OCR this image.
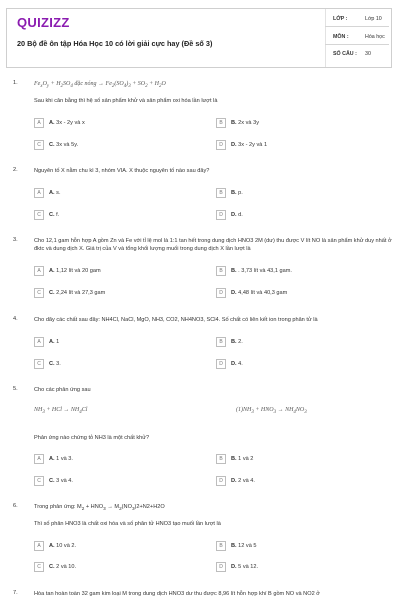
QUIZIZZ
20 Bộ đề ôn tập Hóa Học 10 có lời giải cực hay (Đề số 3)
LỚP :	Lớp 10
MÔN :	Hóa học
SỐ CÂU : 30
1.	$Fe_xO_y + H_2SO_4$ đặc nóng → $Fe_2(SO_4)_3 + SO_2 + H_2O$
Sau khi cân bằng thì hệ số sản phẩm khử và sản phẩm oxi hóa lần lượt là
A	A. 3x - 2y và x	B	B. 2x và 3y
C	C. 3x và 5y.	D	D. 3x - 2y và 1
2.	Nguyên tố X nằm chu kì 3, nhóm VIA. X thuộc nguyên tố nào sau đây?
A	A. s.	B	B. p.
C	C. f.	D	D. d.
3.	Cho 12,1 gam hỗn hợp A gồm Zn và Fe với tỉ lệ mol là 1:1 tan hết trong dung dịch HNO3 2M (dư) thu được V lít NO là sản phẩm khử duy nhất ở đktc và dung dịch X. Giá trị của V và tổng khối lượng muối trong dung dịch X lần lượt là
A	A. 1,12 lít và 20 gam	B	B. . 3,73 lít và 43,1 gam.
C	C. 2,24 lít và 27,3 gam	D	D. 4,48 lít và 40,3 gam
4.	Cho dãy các chất sau đây: NH4Cl, NaCl, MgO, NH3, CO2, NH4NO3, SCl4. Số chất có liên kết ion trong phân tử là
A	A. 1	B	B. 2.
C	C. 3.	D	D. 4.
5.	Cho các phản ứng sau
$NH_3$ + HCl → $NH_4Cl$	$(1)NH_3 + HNO_3 \to NH_4NO_3$
Phản ứng nào chứng tỏ NH3 là một chất khử?
A	A. 1 và 3.	B	B. 1 và 2
C	C. 3 và 4.	D	D. 2 và 4.
6.	Trong phản ứng: $M_2 + HNO_3 \to M_2(NO_3)2+N2+H2O$
Thì số phân HNO3 là chất oxi hóa và số phân tử HNO3 tạo muối lần lượt là
A	A. 10 và 2.	B	B. 12 và 5
C	C. 2 và 10.	D	D. 5 và 12.
7.	Hòa tan hoàn toàn 32 gam kim loại M trong dung dịch HNO3 dư thu được 8,96 lít hỗn hợp khí B gồm NO và NO2 ở
